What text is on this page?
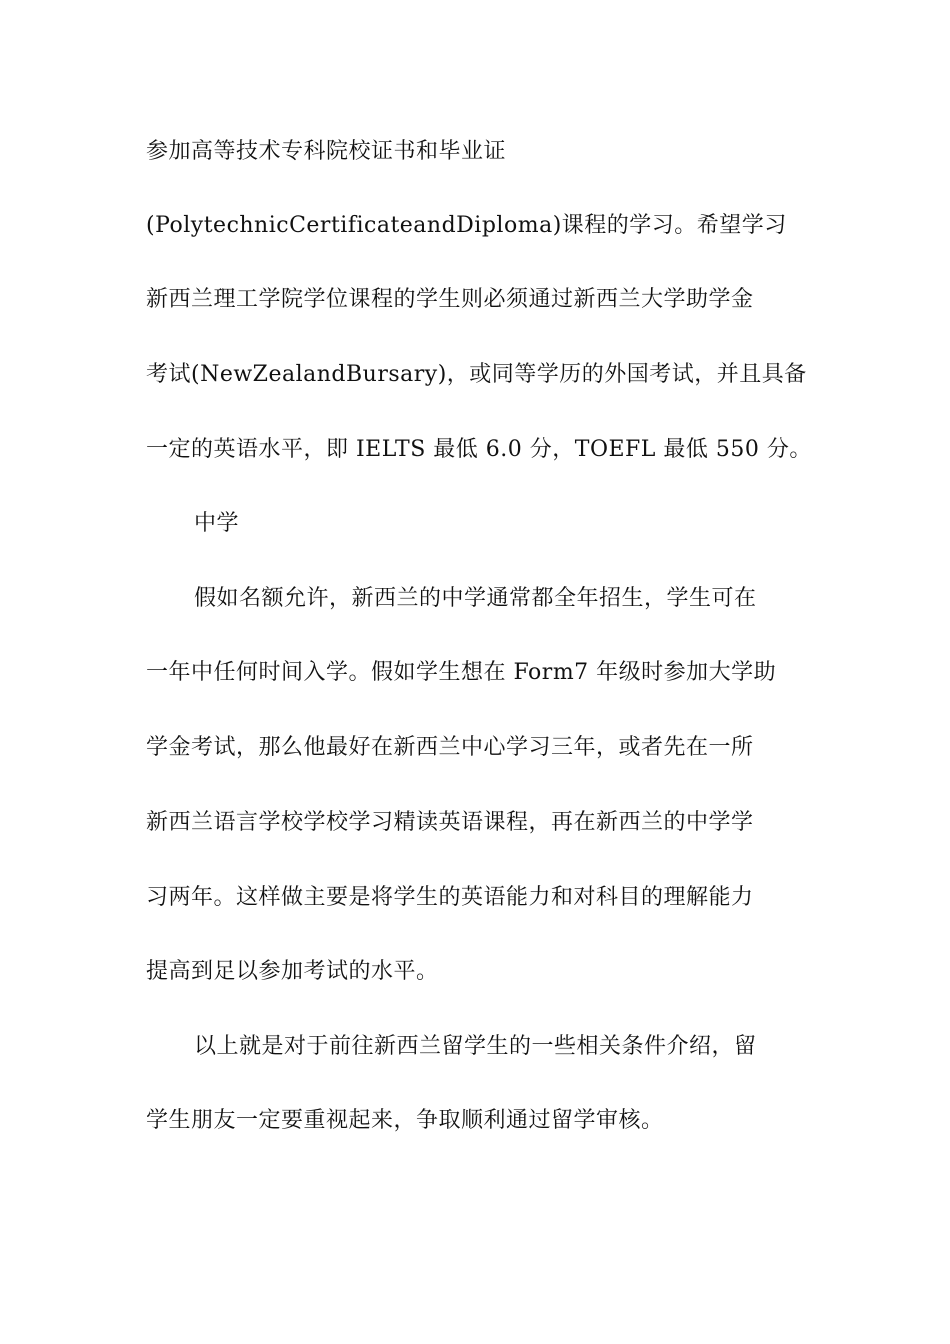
参加高等技术专科院校证书和毕业证
(PolytechnicCertificateandDiploma)课程的学习。希望学习
新西兰理工学院学位课程的学生则必须通过新西兰大学助学金
考试(NewZealandBursary)，或同等学历的外国考试，并且具备
一定的英语水平，即 IELTS 最低 6.0 分，TOEFL 最低 550 分。
中学
假如名额允许，新西兰的中学通常都全年招生，学生可在
一年中任何时间入学。假如学生想在 Form7 年级时参加大学助
学金考试，那么他最好在新西兰中心学习三年，或者先在一所
新西兰语言学校学校学习精读英语课程，再在新西兰的中学学
习两年。这样做主要是将学生的英语能力和对科目的理解能力
提高到足以参加考试的水平。
以上就是对于前往新西兰留学生的一些相关条件介绍，留
学生朋友一定要重视起来，争取顺利通过留学审核。
